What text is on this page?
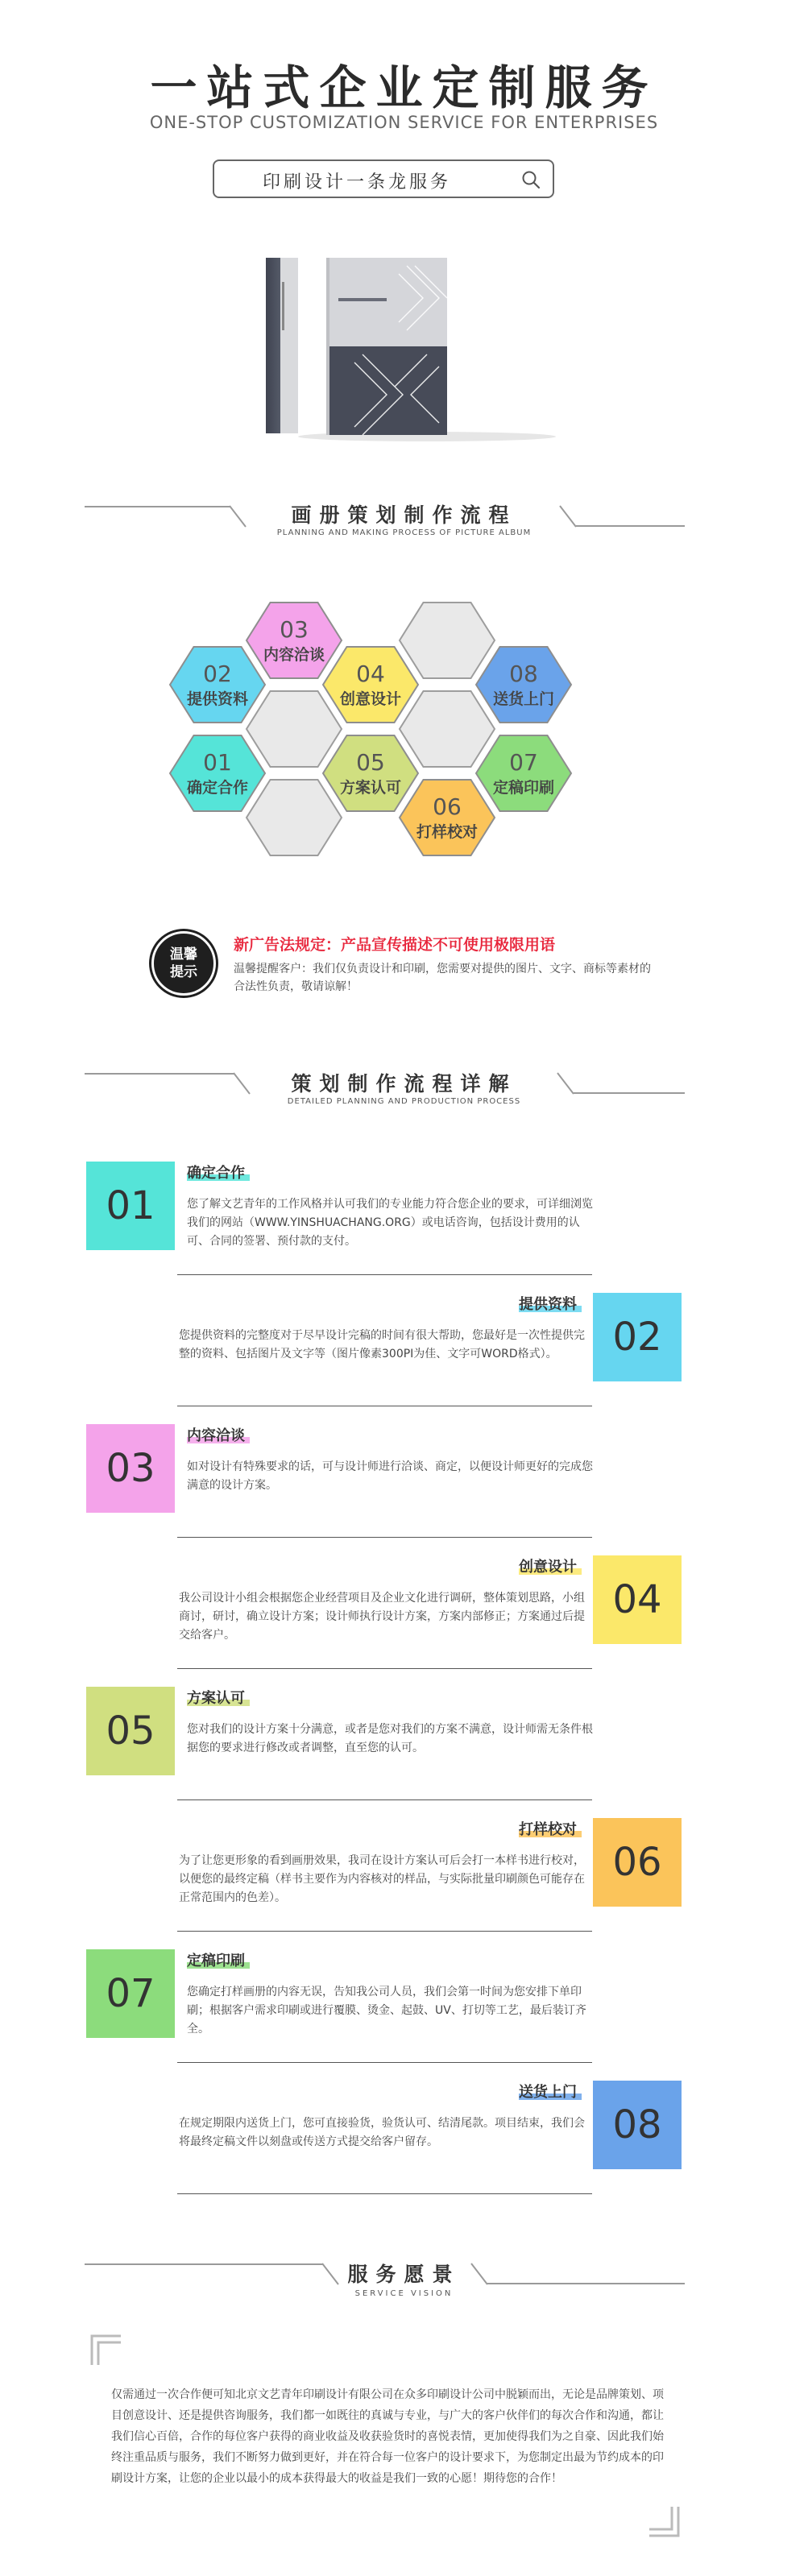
一站式企业定制服务
ONE-STOP CUSTOMIZATION SERVICE FOR ENTERPRISES
印刷设计一条龙服务
画册策划制作流程
PLANNING AND MAKING PROCESS OF PICTURE ALBUM
03
内容洽谈
02
提供资料
04
创意设计
08
送货上门
01
确定合作
05
方案认可
07
定稿印刷
06
打样校对
温馨
提示
新广告法规定：产品宣传描述不可使用极限用语
温馨提醒客户：我们仅负责设计和印刷，您需要对提供的图片、文字、商标等素材的合法性负责，敬请谅解！
策划制作流程详解
DETAILED PLANNING AND PRODUCTION PROCESS
01
确定合作
您了解文艺青年的工作风格并认可我们的专业能力符合您企业的要求，可详细浏览我们的网站（WWW.YINSHUACHANG.ORG）或电话咨询，包括设计费用的认可、合同的签署、预付款的支付。
02
提供资料
您提供资料的完整度对于尽早设计完稿的时间有很大帮助，您最好是一次性提供完整的资料、包括图片及文字等（图片像素300PI为佳、文字可WORD格式）。
03
内容洽谈
如对设计有特殊要求的话，可与设计师进行洽谈、商定，以便设计师更好的完成您满意的设计方案。
04
创意设计
我公司设计小组会根据您企业经营项目及企业文化进行调研，整体策划思路，小组商讨，研讨，确立设计方案；设计师执行设计方案，方案内部修正；方案通过后提交给客户。
05
方案认可
您对我们的设计方案十分满意，或者是您对我们的方案不满意，设计师需无条件根据您的要求进行修改或者调整，直至您的认可。
06
打样校对
为了让您更形象的看到画册效果，我司在设计方案认可后会打一本样书进行校对，以便您的最终定稿（样书主要作为内容核对的样品，与实际批量印刷颜色可能存在正常范围内的色差）。
07
定稿印刷
您确定打样画册的内容无误，告知我公司人员，我们会第一时间为您安排下单印刷；根据客户需求印刷或进行覆膜、烫金、起鼓、UV、打切等工艺，最后装订齐全。
08
送货上门
在规定期限内送货上门，您可直接验货，验货认可、结清尾款。项目结束，我们会将最终定稿文件以刻盘或传送方式提交给客户留存。
服务愿景
SERVICE VISION
仅需通过一次合作便可知北京文艺青年印刷设计有限公司在众多印刷设计公司中脱颖而出，无论是品牌策划、项目创意设计、还是提供咨询服务，我们都一如既往的真诚与专业，与广大的客户伙伴们的每次合作和沟通，都让我们信心百倍，合作的每位客户获得的商业收益及收获验货时的喜悦表情，更加使得我们为之自豪、因此我们始终注重品质与服务，我们不断努力做到更好，并在符合每一位客户的设计要求下，为您制定出最为节约成本的印刷设计方案，让您的企业以最小的成本获得最大的收益是我们一致的心愿！期待您的合作！
